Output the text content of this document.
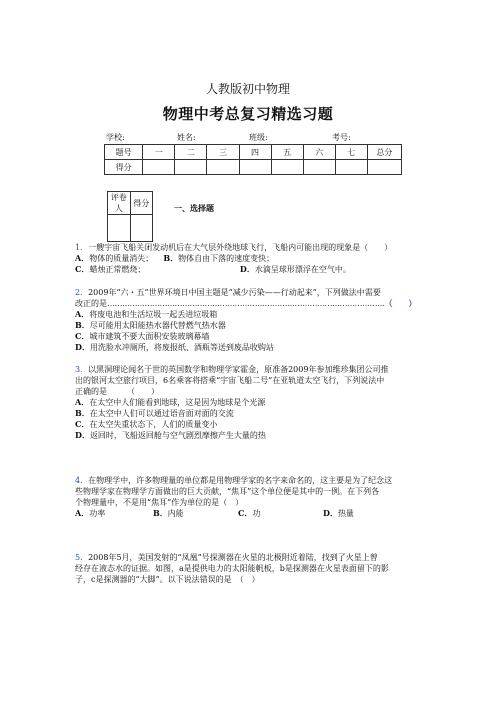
人教版初中物理
物理中考总复习精选习题
学校:	姓名:	班级:	考号:
题号	一	二	三	四	五	六	七	总分
得分								
评卷人	得分
		一、选择题
1．一艘宇宙飞船关闭发动机后在大气层外绕地球飞行，飞船内可能出现的现象是（　　）
A．物体的质量消失； B．物体自由下落的速度变快；
C．蜡烛正常燃烧；	D．水滴呈球形漂浮在空气中。
2．2009年“六・五”世界环境日中国主题是“减少污染——行动起来”，下列做法中需要
改正的是…………………………………………………………………………………………………（　　）
A．将废电池和生活垃圾一起丢进垃圾箱
B．尽可能用太阳能热水器代替燃气热水器
C．城市建筑不要大面积安装玻璃幕墙
D．用洗脸水冲厕所，将废报纸、酒瓶等送到废品收购站
3．以黑洞理论闻名于世的英国数学和物理学家霍金，原准备2009年参加维珍集团公司推
出的银河太空旅行项目，6名乘客将搭乘“宇宙飞船二号”在亚轨道太空飞行，下列说法中
正确的是　　　（　　）
A．在太空中人们能看到地球，这是因为地球是个光源
B．在太空中人们可以通过语音面对面的交流
C．在太空失重状态下，人们的质量变小
D．返回时，飞船返回舱与空气剧烈摩擦产生大量的热
4．在物理学中，许多物理量的单位都是用物理学家的名字来命名的，这主要是为了纪念这
些物理学家在物理学方面做出的巨大贡献，“焦耳”这个单位便是其中的一例。在下列各
个物理量中，不是用“焦耳”作为单位的是（　）
A．功率	B．内能	C．功	D．热量
5．2008年5月，美国发射的“凤凰”号探测器在火星的北极附近着陆，找到了火星上曾
经存在液态水的证据。如图，a是提供电力的太阳能帆板，b是探测器在火星表面留下的影
子，c是探测器的“大脚”。以下说法错误的是　（　）
